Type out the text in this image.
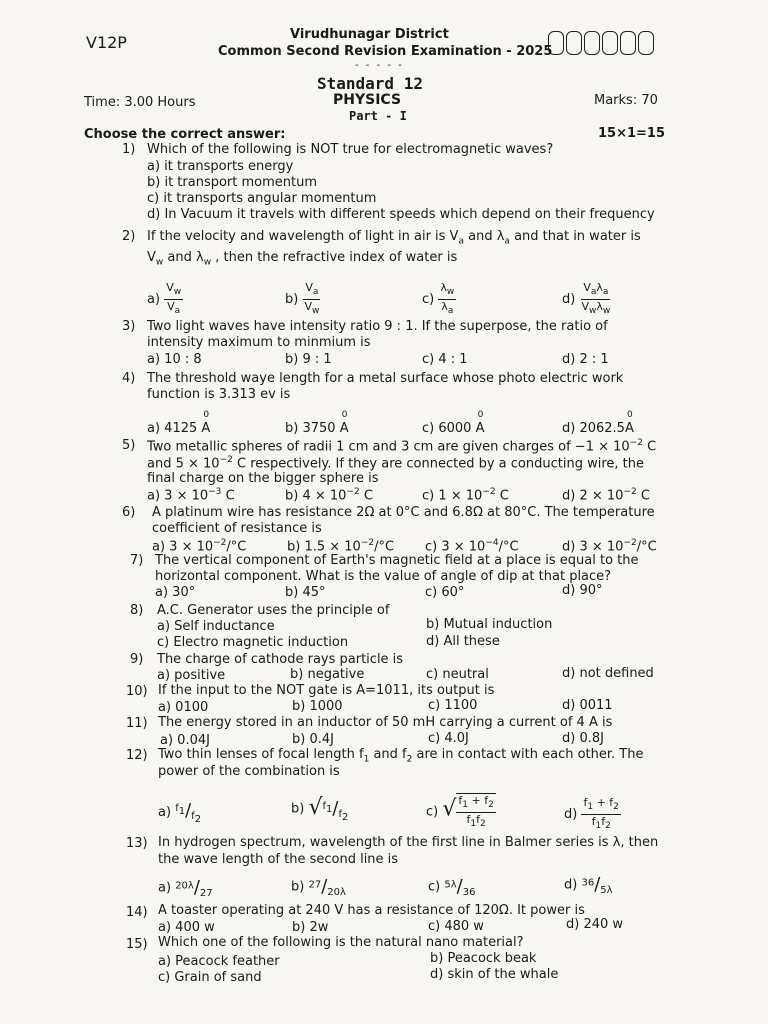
V12P	Virudhunagar District
Common Second Revision Examination - 2025
- - - - -
Standard 12
Time: 3.00 Hours	PHYSICS	Marks: 70
Part - I
Choose the correct answer:	15×1=15
1) Which of the following is NOT true for electromagnetic waves?
a) it transports energy
b) it transport momentum
c) it transports angular momentum
d) In Vacuum it travels with different speeds which depend on their frequency
2) If the velocity and wavelength of light in air is $V_a$ and $\lambda_a$ and that in water is
$V_w$ and $\lambda_w$ , then the refractive index of water is
$a) \frac{V_w}{V_a}$	$b) \frac{V_a}{V_w}$	$c) \frac{\lambda_w}{\lambda_a}$	$d) \frac{V_a\lambda_a}{V_w\lambda_w}$
3) Two light waves have intensity ratio 9 : 1. If the superpose, the ratio of
intensity maximum to minmium is
a) 10 : 8	b) 9 : 1	c) 4 : 1	d) 2 : 1
4) The threshold waye length for a metal surface whose photo electric work
function is 3.313 ev is
a) 4125
0
A	b) 3750
0
A	c) 6000
0
A	d) 2062.5
0
A
5) Two metallic spheres of radii 1 cm and 3 cm are given charges of $-1 \times 10^{-2}$ C
and $5 \times 10^{-2}$ C respectively. If they are connected by a conducting wire, the
final charge on the bigger sphere is
a) $3 \times 10^{-3}$ C	b) $4 \times 10^{-2}$ C	c) $1 \times 10^{-2}$ C	d) $2 \times 10^{-2}$ C
6) A platinum wire has resistance 2Ω at 0°C and 6.8Ω at 80°C. The temperature
coefficient of resistance is
a) $3 \times 10^{-2}/^\circ C$	b) $1.5 \times 10^{-2}/^\circ C$ c) $3 \times 10^{-4}/^\circ C$	d) $3 \times 10^{-2}/^\circ C$
7) The vertical component of Earth's magnetic field at a place is equal to the
horizontal component. What is the value of angle of dip at that place?
a) 30°	b) 45°	c) 60°	d) 90°
8) A.C. Generator uses the principle of
a) Self inductance	b) Mutual induction
c) Electro magnetic induction	d) All these
9) The charge of cathode rays particle is
a) positive	b) negative	c) neutral	d) not defined
10) If the input to the NOT gate is A=1011, its output is
a) 0100	b) 1000	c) 1100	d) 0011
11) The energy stored in an inductor of 50 mH carrying a current of 4 A is
a) 0.04J	b) 0.4J	c) 4.0J	d) 0.8J
12) Two thin lenses of focal length $f_1$ and $f_2$ are in contact with each other. The
power of the combination is
a) $^{f_1}/_{f_2}$
b) $√^{f_1}/_{f_2}$	c) √ $\frac{f_1 + f_2}{f_1f_2}$	$d) \frac{f_1 + f_2}{f_1f_2}$
13) In hydrogen spectrum, wavelength of the first line in Balmer series is λ, then
the wave length of the second line is
a) $^{20\lambda}/_{27}$	b) $^{27}/_{20\lambda}$	c) $^{5\lambda}/_{36}$
d) $^{36}/_{5\lambda}$
14) A toaster operating at 240 V has a resistance of 120Ω. It power is
a) 400 w	b) 2w	c) 480 w	d) 240 w
15) Which one of the following is the natural nano material?
a) Peacock feather	b) Peacock beak
c) Grain of sand	d) skin of the whale
